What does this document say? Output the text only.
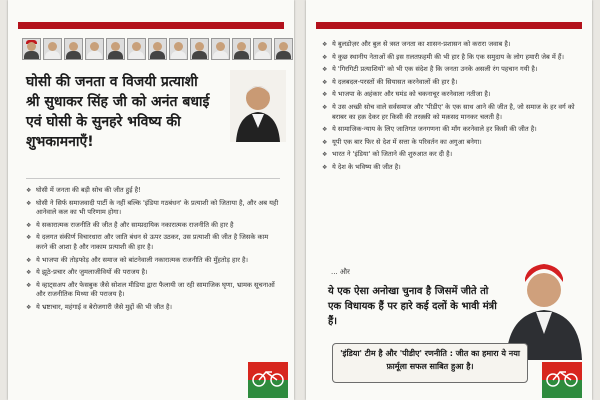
घोसी की जनता व विजयी प्रत्याशी श्री सुधाकर सिंह जी को अनंत बधाई एवं घोसी के सुनहरे भविष्य की शुभकामनाएँ!
❖ घोसी में जनता की बड़ी सोच की जीत हुई है!
❖ घोसी ने सिर्फ समाजवादी पार्टी के नहीं बल्कि 'इंडिया गठबंधन' के प्रत्याशी को जिताया है, और अब यही आनेवाले कल का भी परिणाम होगा।
❖ ये सकारात्मक राजनीति की जीत है और साम्प्रदायिक नकारात्मक राजनीति की हार है
❖ ये दलगत संकीर्ण विचारधारा और जाति बंधन से ऊपर उठकर, उस प्रत्याशी की जीत है जिसके काम करने की आशा है और नाकाम प्रत्याशी की हार है।
❖ ये भाजपा की तोड़फोड़ और समाज को बांटनेवाली नकारात्मक राजनीति की मुँहतोड़ हार है।
❖ ये झूठे-प्रचार और जुमलाजीवियों की पराजय है।
❖ ये व्हाट्सअप और फेसबुक जैसे सोशल मीडिया द्वारा फैलायी जा रही सामाजिक घृणा, भ्रामक सूचनाओं और राजनीतिक मिथ्या की पराजय है।
❖ ये भ्रष्टाचार, महंगाई व बेरोजगारी जैसे मुद्दों की भी जीत है।
❖ ये बुलडोज़र और बुल से त्रस्त जनता का शासन-प्रशासन को करारा जवाब है।
❖ ये कुछ स्थानीय नेताओं की इस ग़लतफ़हमी की भी हार है कि एक समुदाय के लोग हमारी जेब में हैं।
❖ ये 'गिरगिटी प्रत्याशियों' को भी एक संदेश है कि जनता उनके असली रंग पहचान गयी है।
❖ ये दलबदल-परस्तों की सियासत करनेवालों की हार है।
❖ ये भाजपा के अहंकार और घमंड को चकनाचूर करनेवाला नतीजा है।
❖ ये उस अच्छी सोच वाले सर्वसमाज और 'पीडीए' के एक साथ आने की जीत है, जो समाज के हर वर्ग को बराबर का हक़ देकर हर किसी की तरक़्क़ी को मक़सद मानकर चलती है।
❖ ये सामाजिक-न्याय के लिए जातिगत जनगणना की माँग करनेवाले हर किसी की जीत है।
❖ यूपी एक बार फिर से देश में सत्ता के परिवर्तन का अगुआ बनेगा।
❖ भारत ने 'इंडिया' को जिताने की शुरुआत कर दी है।
❖ ये देश के भविष्य की जीत है।
... और
ये एक ऐसा अनोखा चुनाव है जिसमें जीते तो एक विधायक हैं पर हारे कई दलों के भावी मंत्री हैं।
'इंडिया' टीम है और 'पीडीए' रणनीति : जीत का हमारा ये नया फ़ार्मूला सफल साबित हुआ है।
